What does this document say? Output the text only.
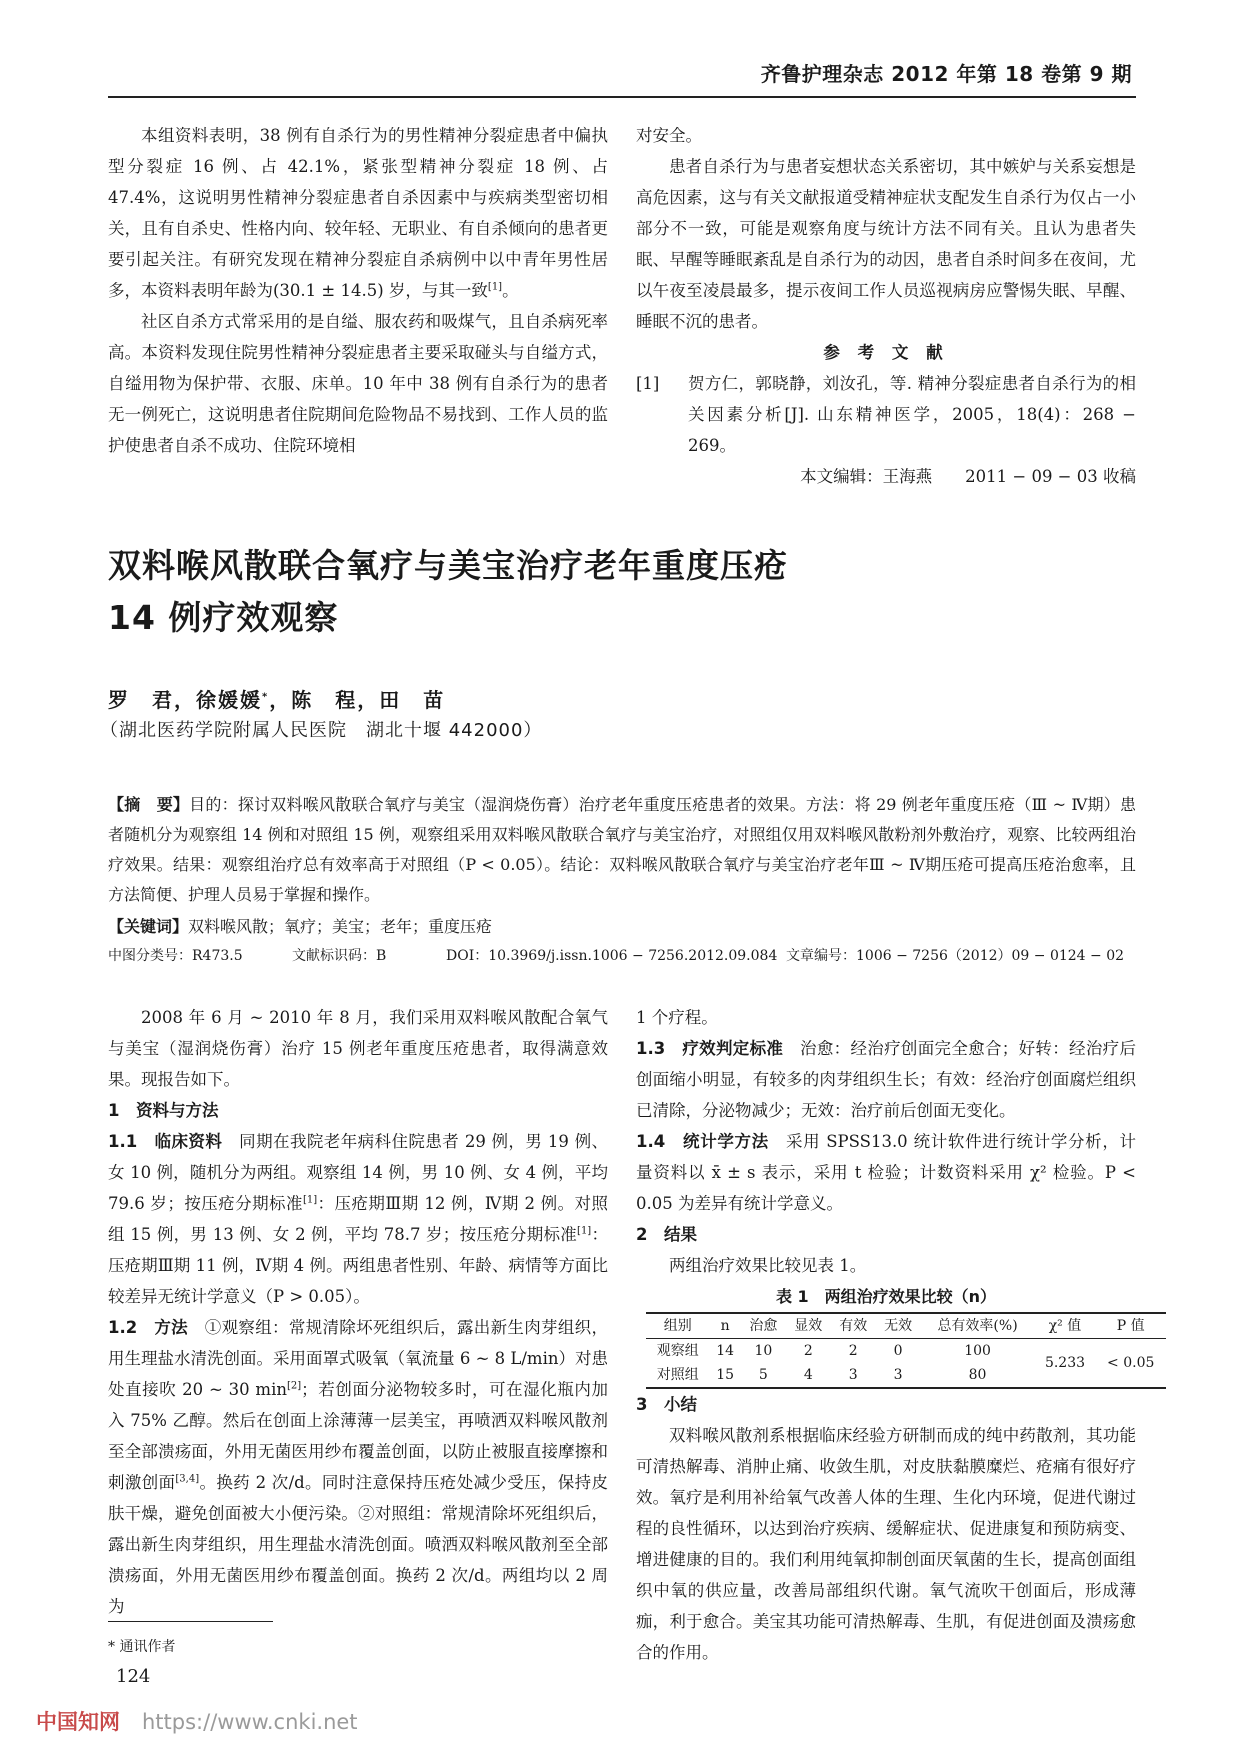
齐鲁护理杂志 2012 年第 18 卷第 9 期

本组资料表明，38 例有自杀行为的男性精神分裂症患者中偏执型分裂症 16 例、占 42.1%，紧张型精神分裂症 18 例、占 47.4%，这说明男性精神分裂症患者自杀因素中与疾病类型密切相关，且有自杀史、性格内向、较年轻、无职业、有自杀倾向的患者更要引起关注。有研究发现在精神分裂症自杀病例中以中青年男性居多，本资料表明年龄为(30.1 ± 14.5) 岁，与其一致[1]。

社区自杀方式常采用的是自缢、服农药和吸煤气，且自杀病死率高。本资料发现住院男性精神分裂症患者主要采取碰头与自缢方式，自缢用物为保护带、衣服、床单。10 年中 38 例有自杀行为的患者无一例死亡，这说明患者住院期间危险物品不易找到、工作人员的监护使患者自杀不成功、住院环境相

对安全。

患者自杀行为与患者妄想状态关系密切，其中嫉妒与关系妄想是高危因素，这与有关文献报道受精神症状支配发生自杀行为仅占一小部分不一致，可能是观察角度与统计方法不同有关。且认为患者失眠、早醒等睡眠紊乱是自杀行为的动因，患者自杀时间多在夜间，尤以午夜至凌晨最多，提示夜间工作人员巡视病房应警惕失眠、早醒、睡眠不沉的患者。

参 考 文 献
[1]	贺方仁，郭晓静，刘汝孔，等. 精神分裂症患者自杀行为的相关因素分析[J]. 山东精神医学，2005，18(4)：268 − 269。
本文编辑：王海燕　　2011 − 09 − 03 收稿
双料喉风散联合氧疗与美宝治疗老年重度压疮
14 例疗效观察
罗　君，徐媛媛*，陈　程，田　苗
（湖北医药学院附属人民医院　湖北十堰 442000）
【摘　要】目的：探讨双料喉风散联合氧疗与美宝（湿润烧伤膏）治疗老年重度压疮患者的效果。方法：将 29 例老年重度压疮（Ⅲ ~ Ⅳ期）患者随机分为观察组 14 例和对照组 15 例，观察组采用双料喉风散联合氧疗与美宝治疗，对照组仅用双料喉风散粉剂外敷治疗，观察、比较两组治疗效果。结果：观察组治疗总有效率高于对照组（P < 0.05）。结论：双料喉风散联合氧疗与美宝治疗老年Ⅲ ~ Ⅳ期压疮可提高压疮治愈率，且方法简便、护理人员易于掌握和操作。
【关键词】双料喉风散；氧疗；美宝；老年；重度压疮
中图分类号：R473.5	文献标识码：B	DOI：10.3969/j.issn.1006 − 7256.2012.09.084 文章编号：1006 − 7256（2012）09 − 0124 − 02

2008 年 6 月 ~ 2010 年 8 月，我们采用双料喉风散配合氧气与美宝（湿润烧伤膏）治疗 15 例老年重度压疮患者，取得满意效果。现报告如下。

1　资料与方法

1.1　临床资料　同期在我院老年病科住院患者 29 例，男 19 例、女 10 例，随机分为两组。观察组 14 例，男 10 例、女 4 例，平均 79.6 岁；按压疮分期标准[1]：压疮期Ⅲ期 12 例，Ⅳ期 2 例。对照组 15 例，男 13 例、女 2 例，平均 78.7 岁；按压疮分期标准[1]：压疮期Ⅲ期 11 例，Ⅳ期 4 例。两组患者性别、年龄、病情等方面比较差异无统计学意义（P > 0.05）。

1.2　方法　①观察组：常规清除坏死组织后，露出新生肉芽组织，用生理盐水清洗创面。采用面罩式吸氧（氧流量 6 ~ 8 L/min）对患处直接吹 20 ~ 30 min[2]；若创面分泌物较多时，可在湿化瓶内加入 75% 乙醇。然后在创面上涂薄薄一层美宝，再喷洒双料喉风散剂至全部溃疡面，外用无菌医用纱布覆盖创面，以防止被服直接摩擦和刺激创面[3,4]。换药 2 次/d。同时注意保持压疮处减少受压，保持皮肤干燥，避免创面被大小便污染。②对照组：常规清除坏死组织后，露出新生肉芽组织，用生理盐水清洗创面。喷洒双料喉风散剂至全部溃疡面，外用无菌医用纱布覆盖创面。换药 2 次/d。两组均以 2 周为

1 个疗程。

1.3　疗效判定标准　治愈：经治疗创面完全愈合；好转：经治疗后创面缩小明显，有较多的肉芽组织生长；有效：经治疗创面腐烂组织已清除，分泌物减少；无效：治疗前后创面无变化。

1.4　统计学方法　采用 SPSS13.0 统计软件进行统计学分析，计量资料以 x̄ ± s 表示，采用 t 检验；计数资料采用 χ² 检验。P < 0.05 为差异有统计学意义。

2　结果

两组治疗效果比较见表 1。

表 1　两组治疗效果比较（n）
组别	n	治愈	显效	有效	无效	总有效率(%)	χ² 值	P 值
观察组	14	10	2	2	0	100	5.233	< 0.05
对照组	15	5	4	3	3	80		

3　小结

双料喉风散剂系根据临床经验方研制而成的纯中药散剂，其功能可清热解毒、消肿止痛、收敛生肌，对皮肤黏膜糜烂、疮痛有很好疗效。氧疗是利用补给氧气改善人体的生理、生化内环境，促进代谢过程的良性循环，以达到治疗疾病、缓解症状、促进康复和预防病变、增进健康的目的。我们利用纯氧抑制创面厌氧菌的生长，提高创面组织中氧的供应量，改善局部组织代谢。氧气流吹干创面后，形成薄痂，利于愈合。美宝其功能可清热解毒、生肌，有促进创面及溃疡愈合的作用。

* 通讯作者
124
中国知网 https://www.cnki.net
